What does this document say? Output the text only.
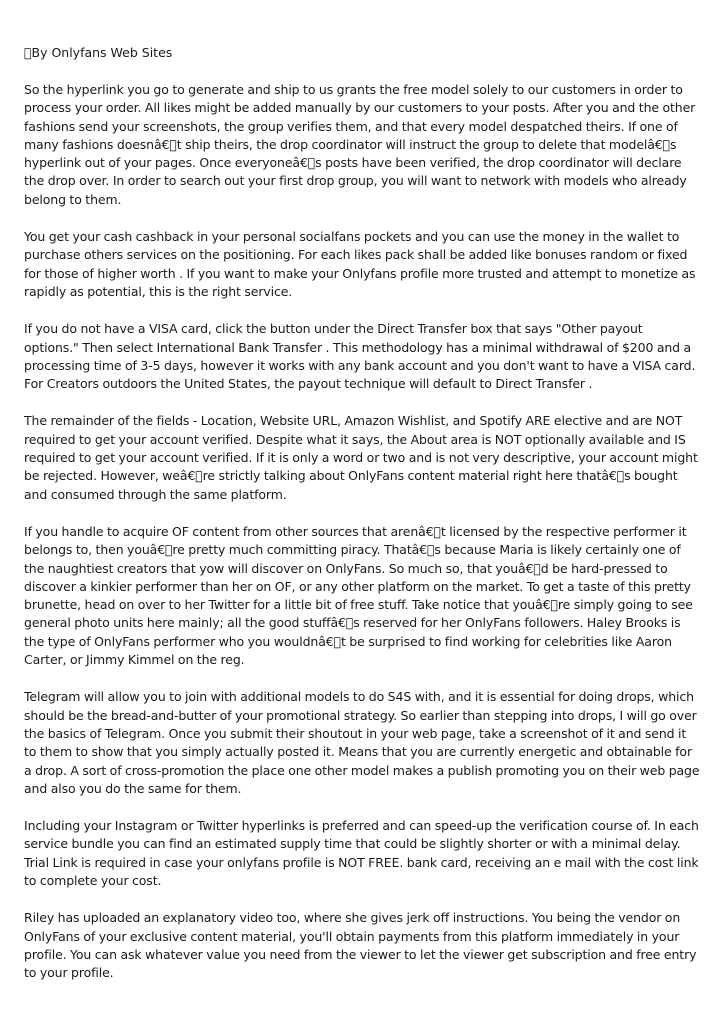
 By Onlyfans Web Sites

So the hyperlink you go to generate and ship to us grants the free model solely to our customers in order to process your order. All likes might be added manually by our customers to your posts. After you and the other fashions send your screenshots, the group verifies them, and that every model despatched theirs. If one of many fashions doesnâ€ t ship theirs, the drop coordinator will instruct the group to delete that modelâ€ s hyperlink out of your pages. Once everyoneâ€ s posts have been verified, the drop coordinator will declare the drop over. In order to search out your first drop group, you will want to network with models who already belong to them.

You get your cash cashback in your personal socialfans pockets and you can use the money in the wallet to purchase others services on the positioning. For each likes pack shall be added like bonuses random or fixed for those of higher worth . If you want to make your Onlyfans profile more trusted and attempt to monetize as rapidly as potential, this is the right service.

If you do not have a VISA card, click the button under the Direct Transfer box that says "Other payout options." Then select International Bank Transfer . This methodology has a minimal withdrawal of $200 and a processing time of 3-5 days, however it works with any bank account and you don't want to have a VISA card. For Creators outdoors the United States, the payout technique will default to Direct Transfer .

The remainder of the fields - Location, Website URL, Amazon Wishlist, and Spotify ARE elective and are NOT required to get your account verified. Despite what it says, the About area is NOT optionally available and IS required to get your account verified. If it is only a word or two and is not very descriptive, your account might be rejected. However, weâ€ re strictly talking about OnlyFans content material right here thatâ€ s bought and consumed through the same platform.

If you handle to acquire OF content from other sources that arenâ€ t licensed by the respective performer it belongs to, then youâ€ re pretty much committing piracy. Thatâ€ s because Maria is likely certainly one of the naughtiest creators that yow will discover on OnlyFans. So much so, that youâ€ d be hard-pressed to discover a kinkier performer than her on OF, or any other platform on the market. To get a taste of this pretty brunette, head on over to her Twitter for a little bit of free stuff. Take notice that youâ€ re simply going to see general photo units here mainly; all the good stuffâ€ s reserved for her OnlyFans followers. Haley Brooks is the type of OnlyFans performer who you wouldnâ€ t be surprised to find working for celebrities like Aaron Carter, or Jimmy Kimmel on the reg.

Telegram will allow you to join with additional models to do S4S with, and it is essential for doing drops, which should be the bread-and-butter of your promotional strategy. So earlier than stepping into drops, I will go over the basics of Telegram. Once you submit their shoutout in your web page, take a screenshot of it and send it to them to show that you simply actually posted it. Means that you are currently energetic and obtainable for a drop. A sort of cross-promotion the place one other model makes a publish promoting you on their web page and also you do the same for them.

Including your Instagram or Twitter hyperlinks is preferred and can speed-up the verification course of. In each service bundle you can find an estimated supply time that could be slightly shorter or with a minimal delay. Trial Link is required in case your onlyfans profile is NOT FREE. bank card, receiving an e mail with the cost link to complete your cost.

Riley has uploaded an explanatory video too, where she gives jerk off instructions. You being the vendor on OnlyFans of your exclusive content material, you'll obtain payments from this platform immediately in your profile. You can ask whatever value you need from the viewer to let the viewer get subscription and free entry to your profile.
